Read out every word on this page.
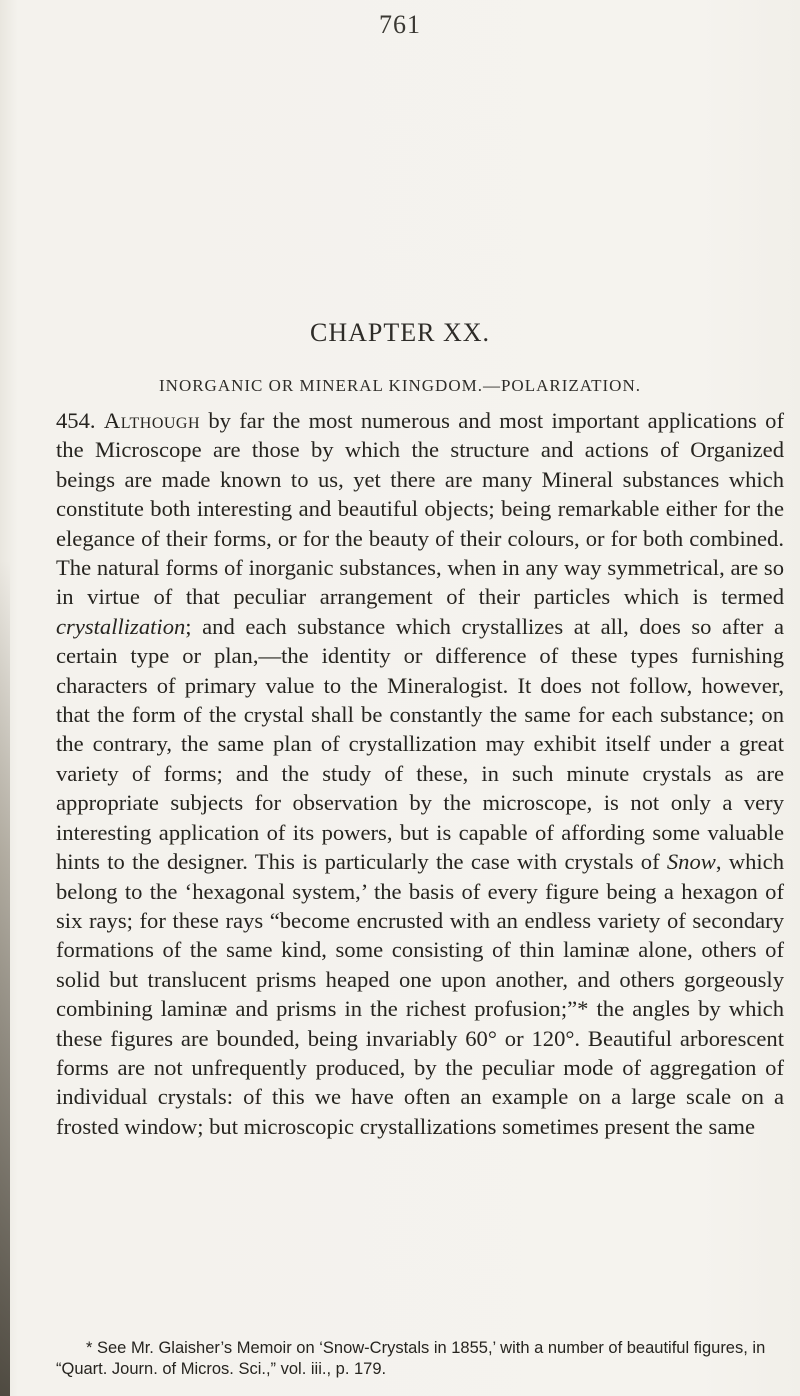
761
CHAPTER XX.
INORGANIC OR MINERAL KINGDOM.—POLARIZATION.
454. Although by far the most numerous and most important applications of the Microscope are those by which the structure and actions of Organized beings are made known to us, yet there are many Mineral substances which constitute both interesting and beautiful objects; being remarkable either for the elegance of their forms, or for the beauty of their colours, or for both combined. The natural forms of inorganic substances, when in any way symmetrical, are so in virtue of that peculiar arrangement of their particles which is termed crystallization; and each substance which crystallizes at all, does so after a certain type or plan,—the identity or difference of these types furnishing characters of primary value to the Mineralogist. It does not follow, however, that the form of the crystal shall be constantly the same for each substance; on the contrary, the same plan of crystallization may exhibit itself under a great variety of forms; and the study of these, in such minute crystals as are appropriate subjects for observation by the microscope, is not only a very interesting application of its powers, but is capable of affording some valuable hints to the designer. This is particularly the case with crystals of Snow, which belong to the ‘hexagonal system,’ the basis of every figure being a hexagon of six rays; for these rays “become encrusted with an endless variety of secondary formations of the same kind, some consisting of thin laminæ alone, others of solid but translucent prisms heaped one upon another, and others gorgeously combining laminæ and prisms in the richest profusion;”* the angles by which these figures are bounded, being invariably 60° or 120°. Beautiful arborescent forms are not unfrequently produced, by the peculiar mode of aggregation of individual crystals: of this we have often an example on a large scale on a frosted window; but microscopic crystallizations sometimes present the same
* See Mr. Glaisher’s Memoir on ‘Snow-Crystals in 1855,’ with a number of beautiful figures, in “Quart. Journ. of Micros. Sci.,” vol. iii., p. 179.
